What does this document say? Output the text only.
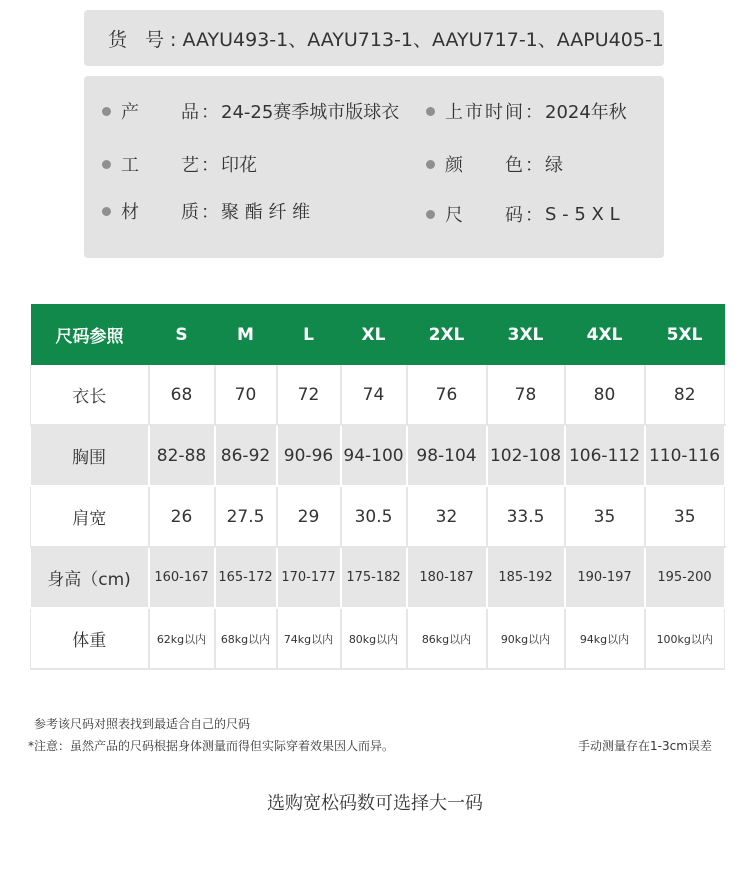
货 号: AAYU493-1、AAYU713-1、AAYU717-1、AAPU405-1
产　　品： 24-25赛季城市版球衣	上市时间： 2024年秋
工　　艺： 印花	颜　　色： 绿
材　　质： 聚 酯 纤 维	尺　　码： S - 5 X L
尺码参照	S	M	L	XL	2XL	3XL	4XL	5XL
衣长	68	70	72	74	76	78	80	82
胸围	82-88	86-92	90-96	94-100	98-104	102-108	106-112	110-116
肩宽	26	27.5	29	30.5	32	33.5	35	35
身高（cm)	160-167	165-172	170-177	175-182	180-187	185-192	190-197	195-200
体重	62kg以内	68kg以内	74kg以内	80kg以内	86kg以内	90kg以内	94kg以内	100kg以内
参考该尺码对照表找到最适合自己的尺码
*注意：虽然产品的尺码根据身体测量而得但实际穿着效果因人而异。	手动测量存在1-3cm误差
选购宽松码数可选择大一码
